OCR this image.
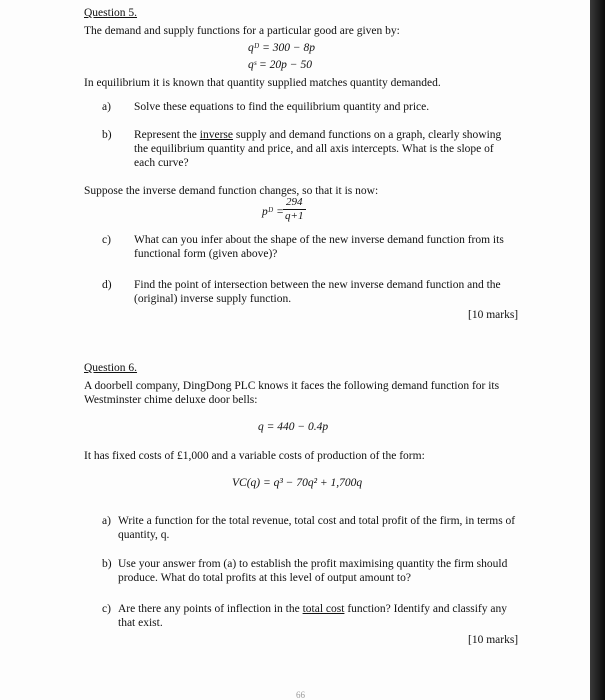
Question 5.
The demand and supply functions for a particular good are given by:
qᴰ = 300 − 8p
qˢ = 20p − 50
In equilibrium it is known that quantity supplied matches quantity demanded.
a) Solve these equations to find the equilibrium quantity and price.
b) Represent the inverse supply and demand functions on a graph, clearly showing
the equilibrium quantity and price, and all axis intercepts. What is the slope of
each curve?
Suppose the inverse demand function changes, so that it is now:
pᴰ = $\frac{294}{q+1}$
c) What can you infer about the shape of the new inverse demand function from its
functional form (given above)?
d) Find the point of intersection between the new inverse demand function and the
(original) inverse supply function.
[10 marks]
Question 6.
A doorbell company, DingDong PLC knows it faces the following demand function for its
Westminster chime deluxe door bells:
q = 440 − 0.4p
It has fixed costs of £1,000 and a variable costs of production of the form:
VC(q) = q³ − 70q² + 1,700q
a) Write a function for the total revenue, total cost and total profit of the firm, in terms of
quantity, q.
b) Use your answer from (a) to establish the profit maximising quantity the firm should
produce. What do total profits at this level of output amount to?
c) Are there any points of inflection in the total cost function? Identify and classify any
that exist.
[10 marks]
66
